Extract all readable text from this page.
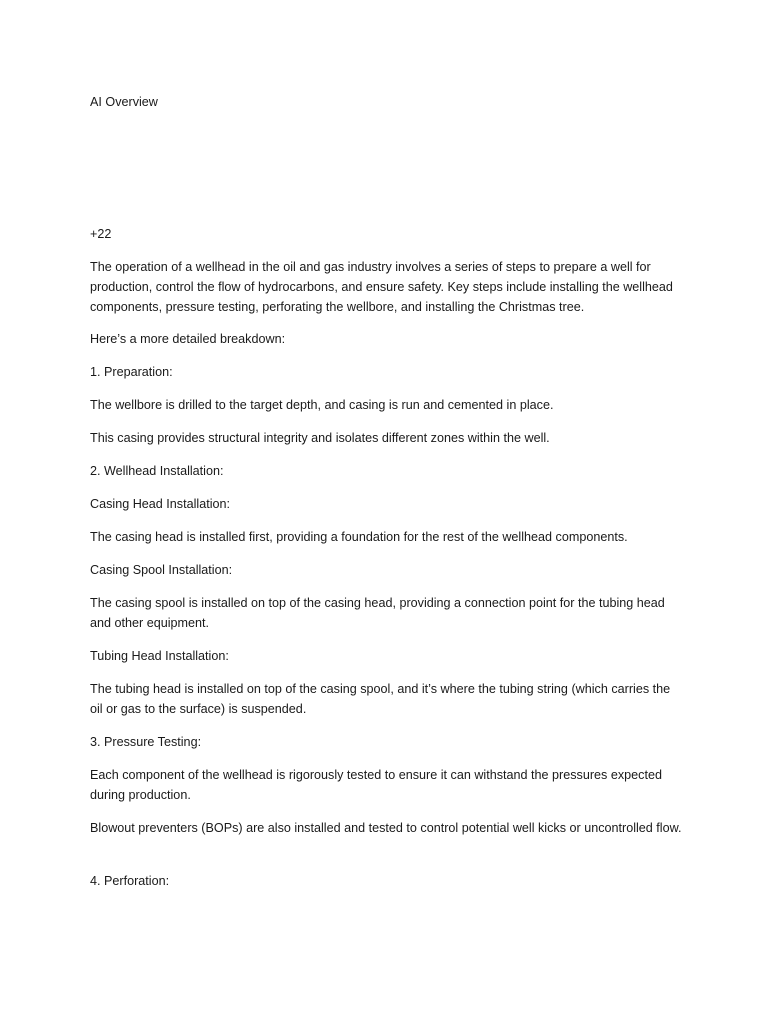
AI Overview

+22

The operation of a wellhead in the oil and gas industry involves a series of steps to prepare a well for production, control the flow of hydrocarbons, and ensure safety. Key steps include installing the wellhead components, pressure testing, perforating the wellbore, and installing the Christmas tree.

Here’s a more detailed breakdown:

1. Preparation:

The wellbore is drilled to the target depth, and casing is run and cemented in place.

This casing provides structural integrity and isolates different zones within the well.

2. Wellhead Installation:

Casing Head Installation:

The casing head is installed first, providing a foundation for the rest of the wellhead components.

Casing Spool Installation:

The casing spool is installed on top of the casing head, providing a connection point for the tubing head and other equipment.

Tubing Head Installation:

The tubing head is installed on top of the casing spool, and it’s where the tubing string (which carries the oil or gas to the surface) is suspended.

3. Pressure Testing:

Each component of the wellhead is rigorously tested to ensure it can withstand the pressures expected during production.

Blowout preventers (BOPs) are also installed and tested to control potential well kicks or uncontrolled flow.

4. Perforation:
